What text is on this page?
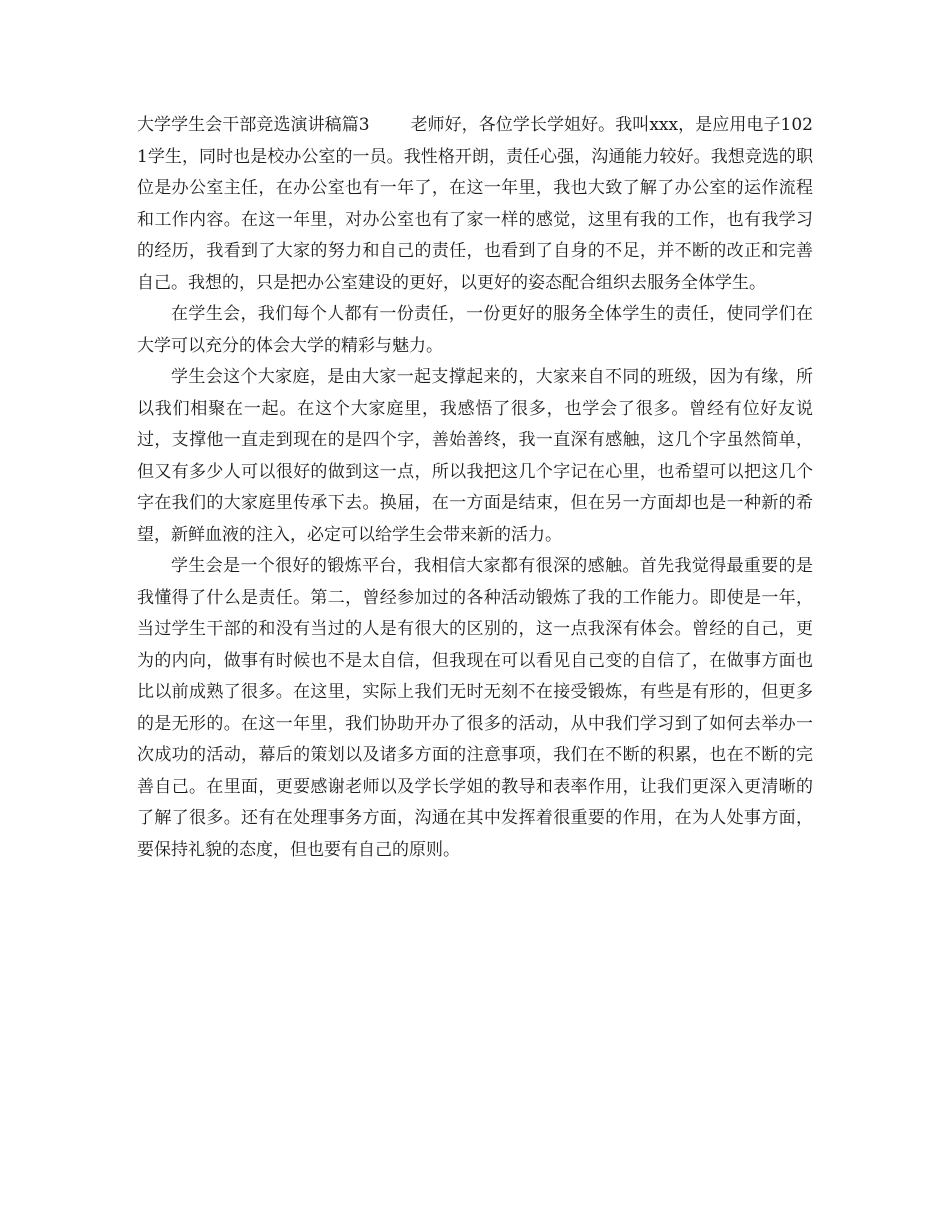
大学学生会干部竞选演讲稿篇3 老师好，各位学长学姐好。我叫xxx，是应用电子1021学生，同时也是校办公室的一员。我性格开朗，责任心强，沟通能力较好。我想竞选的职位是办公室主任，在办公室也有一年了，在这一年里，我也大致了解了办公室的运作流程和工作内容。在这一年里，对办公室也有了家一样的感觉，这里有我的工作，也有我学习的经历，我看到了大家的努力和自己的责任，也看到了自身的不足，并不断的改正和完善自己。我想的，只是把办公室建设的更好，以更好的姿态配合组织去服务全体学生。

在学生会，我们每个人都有一份责任，一份更好的服务全体学生的责任，使同学们在大学可以充分的体会大学的精彩与魅力。

学生会这个大家庭，是由大家一起支撑起来的，大家来自不同的班级，因为有缘，所以我们相聚在一起。在这个大家庭里，我感悟了很多，也学会了很多。曾经有位好友说过，支撑他一直走到现在的是四个字，善始善终，我一直深有感触，这几个字虽然简单，但又有多少人可以很好的做到这一点，所以我把这几个字记在心里，也希望可以把这几个字在我们的大家庭里传承下去。换届，在一方面是结束，但在另一方面却也是一种新的希望，新鲜血液的注入，必定可以给学生会带来新的活力。

学生会是一个很好的锻炼平台，我相信大家都有很深的感触。首先我觉得最重要的是我懂得了什么是责任。第二，曾经参加过的各种活动锻炼了我的工作能力。即使是一年，当过学生干部的和没有当过的人是有很大的区别的，这一点我深有体会。曾经的自己，更为的内向，做事有时候也不是太自信，但我现在可以看见自己变的自信了，在做事方面也比以前成熟了很多。在这里，实际上我们无时无刻不在接受锻炼，有些是有形的，但更多的是无形的。在这一年里，我们协助开办了很多的活动，从中我们学习到了如何去举办一次成功的活动，幕后的策划以及诸多方面的注意事项，我们在不断的积累，也在不断的完善自己。在里面，更要感谢老师以及学长学姐的教导和表率作用，让我们更深入更清晰的了解了很多。还有在处理事务方面，沟通在其中发挥着很重要的作用，在为人处事方面，要保持礼貌的态度，但也要有自己的原则。
